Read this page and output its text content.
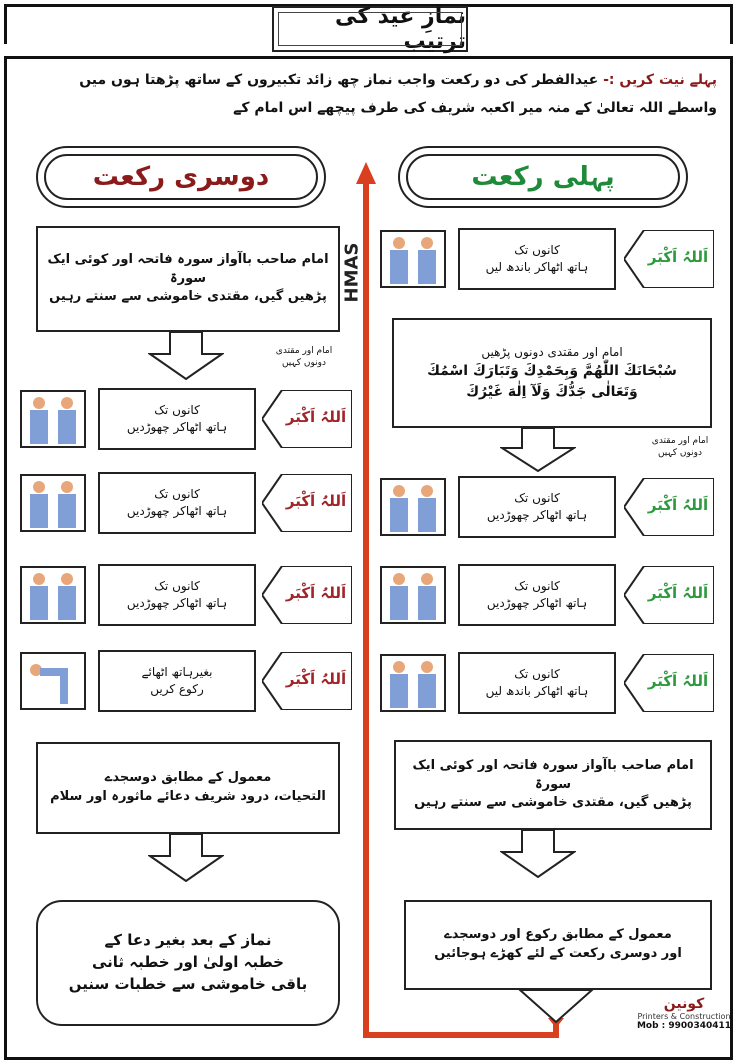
نمازِ عید کی ترتیب
پہلے نیت کریں :- عیدالفطر کی دو رکعت واجب نماز چھ زائد تکبیروں کے ساتھ پڑھتا ہوں میں
واسطے اللہ تعالیٰ کے منہ میر اکعبہ شریف کی طرف پیچھے اس امام کے
دوسری رکعت	پہلی رکعت
HMAS	کانوں تک
ہاتھ اٹھاکر باندھ لیں
اَللہُ اَکْبَر
امام اور مقتدی دونوں پڑھیں
سُبْحَانَكَ اللّٰهُمَّ وَبِحَمْدِكَ وَتَبَارَكَ اسْمُكَ
وَتَعَالٰى جَدُّكَ وَلَآ اِلٰهَ غَيْرُكَ
امام اور مقتدی
دونوں کہیں
کانوں تک
ہاتھ اٹھاکر چھوڑدیں
اَللہُ اَکْبَر
کانوں تک
ہاتھ اٹھاکر چھوڑدیں
اَللہُ اَکْبَر
کانوں تک
ہاتھ اٹھاکر باندھ لیں
اَللہُ اَکْبَر
امام صاحب باآواز سورہ فاتحہ اور کوئی ایک سورۃ
پڑھیں گیں، مقتدی خاموشی سے سنتے رہیں
معمول کے مطابق رکوع اور دوسجدے
اور دوسری رکعت کے لئے کھڑے ہوجائیں
امام صاحب باآواز سورہ فاتحہ اور کوئی ایک سورۃ
پڑھیں گیں، مقتدی خاموشی سے سنتے رہیں
امام اور مقتدی
دونوں کہیں
کانوں تک
ہاتھ اٹھاکر چھوڑدیں
اَللہُ اَکْبَر
کانوں تک
ہاتھ اٹھاکر چھوڑدیں
اَللہُ اَکْبَر
کانوں تک
ہاتھ اٹھاکر چھوڑدیں
اَللہُ اَکْبَر
بغیرہاتھ اٹھائے
رکوع کریں
اَللہُ اَکْبَر
معمول کے مطابق دوسجدے
التحیات، درود شریف دعائے ماثورہ اور سلام
نماز کے بعد بغیر دعا کے
خطبہ اولیٰ اور خطبہ ثانی
باقی خاموشی سے خطبات سنیں
کونین
Printers & Construction
Mob : 9900340411
